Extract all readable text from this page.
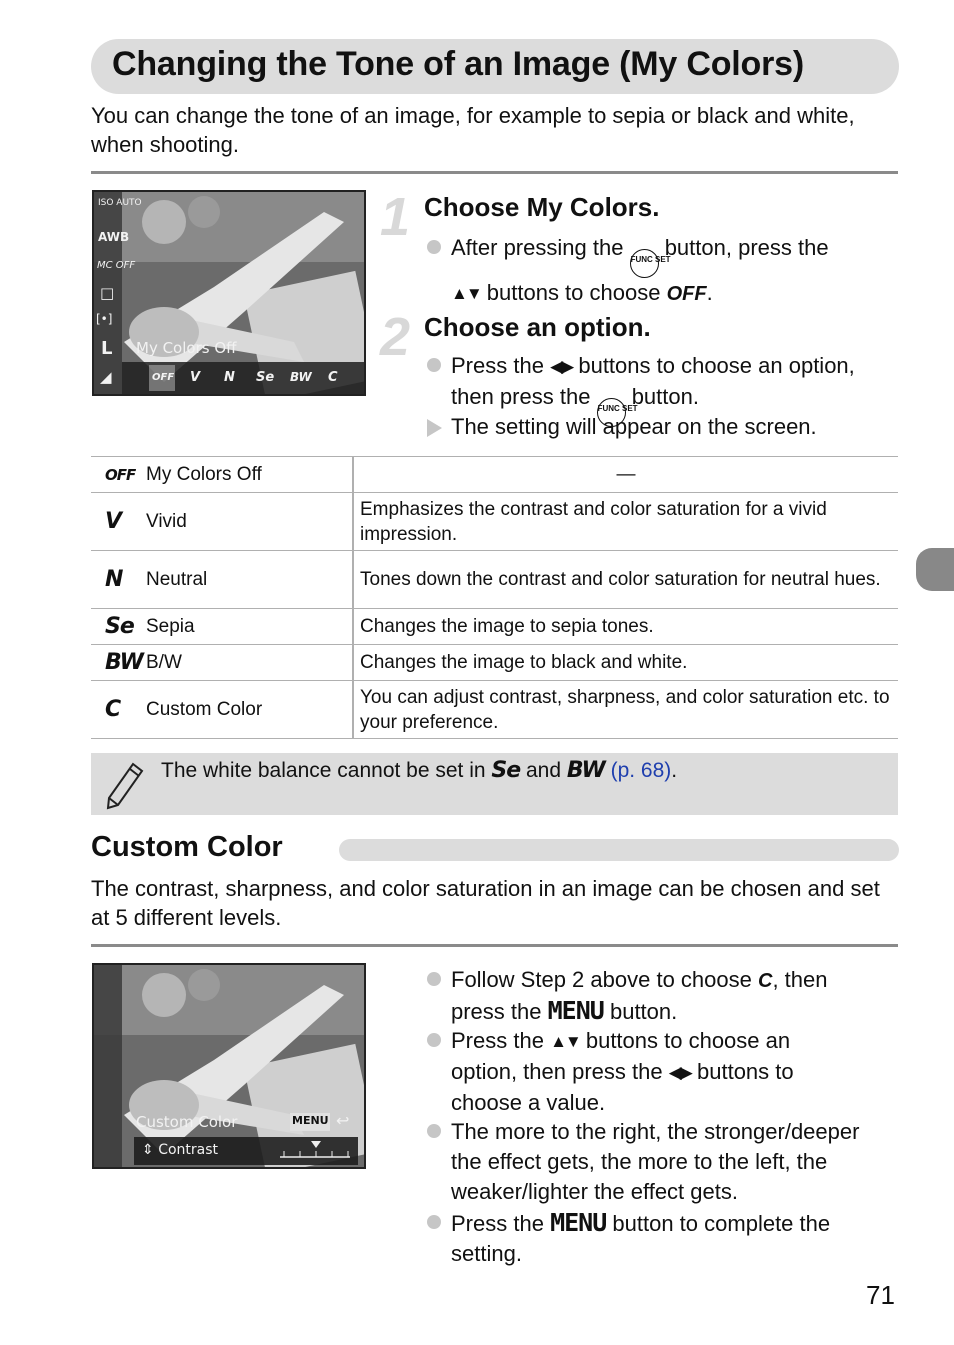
Changing the Tone of an Image (My Colors)
You can change the tone of an image, for example to sepia or black and white, when shooting.
ISO AUTO
AWB
MC OFF
□
[•]
L
◢
My Colors Off
OFF V N Se BW C
1 Choose My Colors.
After pressing the FUNC SET button, press the
▲▼ buttons to choose OFF.
2 Choose an option.
Press the ◀▶ buttons to choose an option,
then press the FUNC SET button.
The setting will appear on the screen.
OFF	My Colors Off	—
V	Vivid	Emphasizes the contrast and color saturation for a vivid impression.
N	Neutral	Tones down the contrast and color saturation for neutral hues.
Se	Sepia	Changes the image to sepia tones.
BW	B/W	Changes the image to black and white.
C	Custom Color	You can adjust contrast, sharpness, and color saturation etc. to your preference.
The white balance cannot be set in Se and BW (p. 68).
Custom Color
The contrast, sharpness, and color saturation in an image can be chosen and set at 5 different levels.
Custom Color	MENU ↩
⇕ Contrast
Follow Step 2 above to choose C, then
press the MENU button.
Press the ▲▼ buttons to choose an
option, then press the ◀▶ buttons to
choose a value.
The more to the right, the stronger/deeper
the effect gets, the more to the left, the
weaker/lighter the effect gets.
Press the MENU button to complete the
setting.
71
